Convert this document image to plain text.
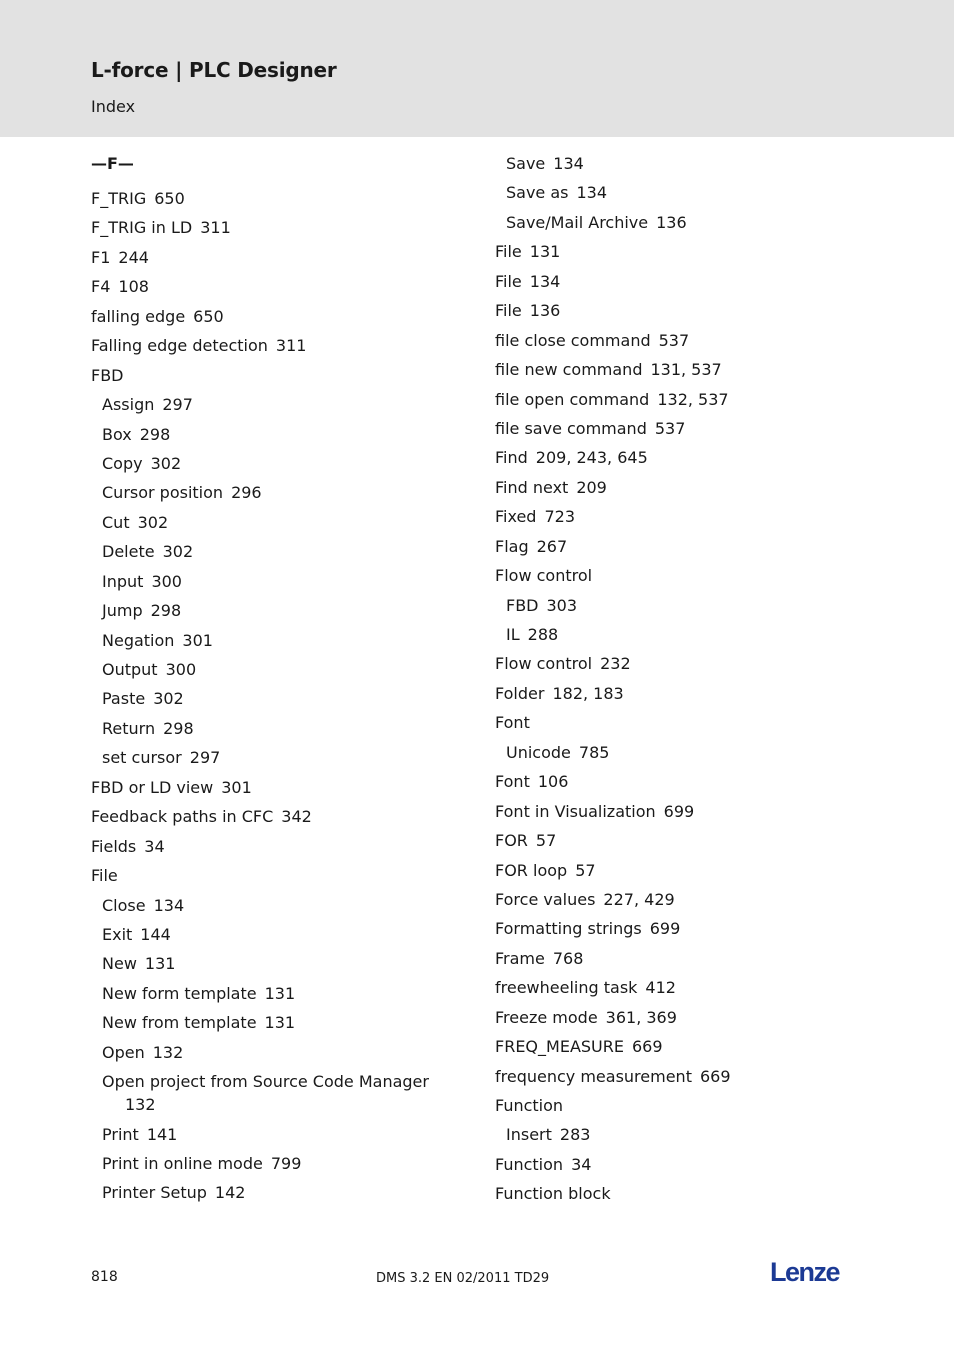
L-force | PLC Designer
Index
—F—
F_TRIG 650
F_TRIG in LD 311
F1 244
F4 108
falling edge 650
Falling edge detection 311
FBD
Assign 297
Box 298
Copy 302
Cursor position 296
Cut 302
Delete 302
Input 300
Jump 298
Negation 301
Output 300
Paste 302
Return 298
set cursor 297
FBD or LD view 301
Feedback paths in CFC 342
Fields 34
File
Close 134
Exit 144
New 131
New form template 131
New from template 131
Open 132
Open project from Source Code Manager
132
Print 141
Print in online mode 799
Printer Setup 142
Save 134
Save as 134
Save/Mail Archive 136
File 131
File 134
File 136
file close command 537
file new command 131, 537
file open command 132, 537
file save command 537
Find 209, 243, 645
Find next 209
Fixed 723
Flag 267
Flow control
FBD 303
IL 288
Flow control 232
Folder 182, 183
Font
Unicode 785
Font 106
Font in Visualization 699
FOR 57
FOR loop 57
Force values 227, 429
Formatting strings 699
Frame 768
freewheeling task 412
Freeze mode 361, 369
FREQ_MEASURE 669
frequency measurement 669
Function
Insert 283
Function 34
Function block
818	DMS 3.2 EN 02/2011 TD29	Lenze
